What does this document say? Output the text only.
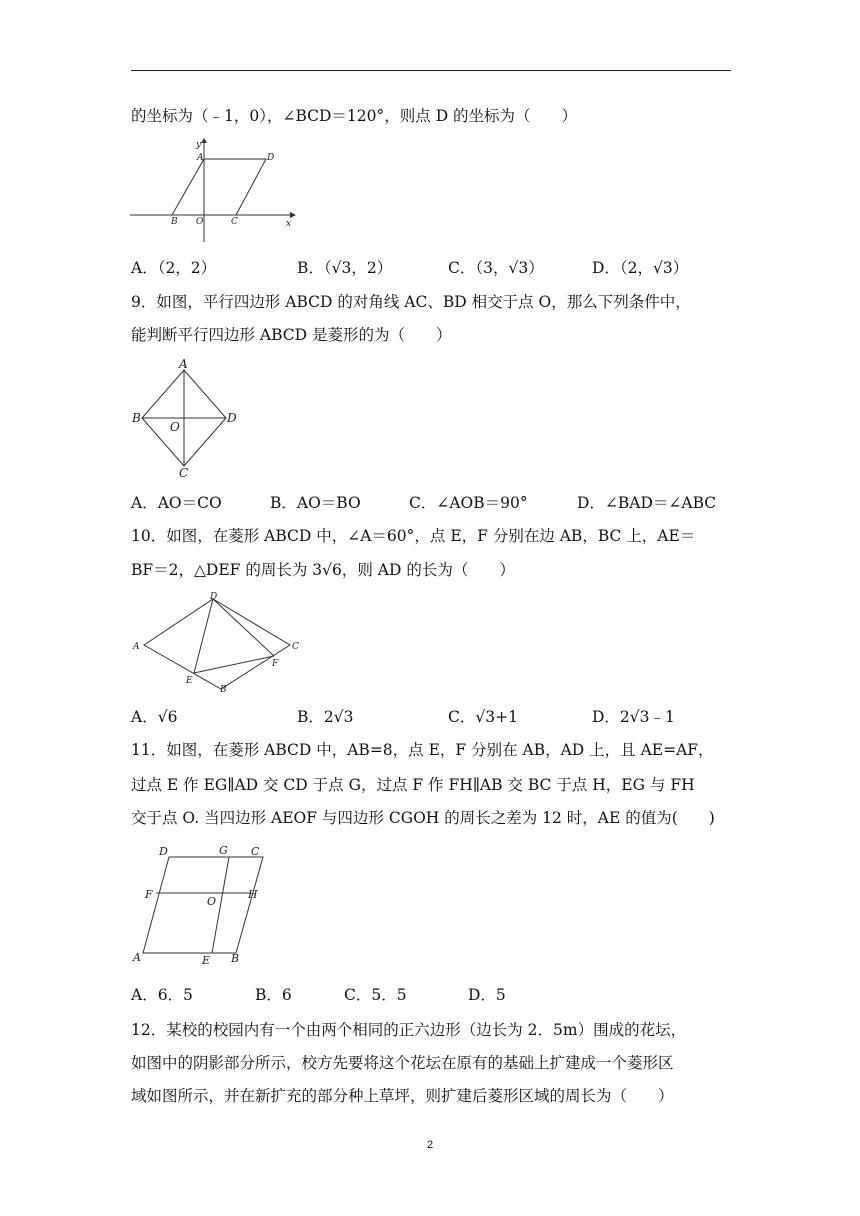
的坐标为（﹣1，0），∠BCD＝120°，则点 D 的坐标为（　　）
y
x
A	D
B O	C
A．（2，2）	B．（√3，2）	C．（3，√3）	D．（2，√3）
9．如图，平行四边形 ABCD 的对角线 AC、BD 相交于点 O，那么下列条件中，
能判断平行四边形 ABCD 是菱形的为（　　）
A
B
O
D
C
A．AO＝CO	B．AO＝BO	C．∠AOB＝90°	D．∠BAD＝∠ABC
10．如图，在菱形 ABCD 中，∠A＝60°，点 E，F 分别在边 AB，BC 上，AE＝
BF＝2，△DEF 的周长为 3√6，则 AD 的长为（　　）
D
A	C
F
E
B
A．√6	B．2√3	C．√3+1	D．2√3﹣1
11．如图，在菱形 ABCD 中，AB=8，点 E，F 分别在 AB，AD 上，且 AE=AF，
过点 E 作 EG∥AD 交 CD 于点 G，过点 F 作 FH∥AB 交 BC 于点 H，EG 与 FH
交于点 O. 当四边形 AEOF 与四边形 CGOH 的周长之差为 12 时，AE 的值为(　　)
D	G C
F
O
H
A	E B
A．6．5	B．6	C．5．5	D．5
12．某校的校园内有一个由两个相同的正六边形（边长为 2．5m）围成的花坛，
如图中的阴影部分所示，校方先要将这个花坛在原有的基础上扩建成一个菱形区
域如图所示，并在新扩充的部分种上草坪，则扩建后菱形区域的周长为（　　）
2
